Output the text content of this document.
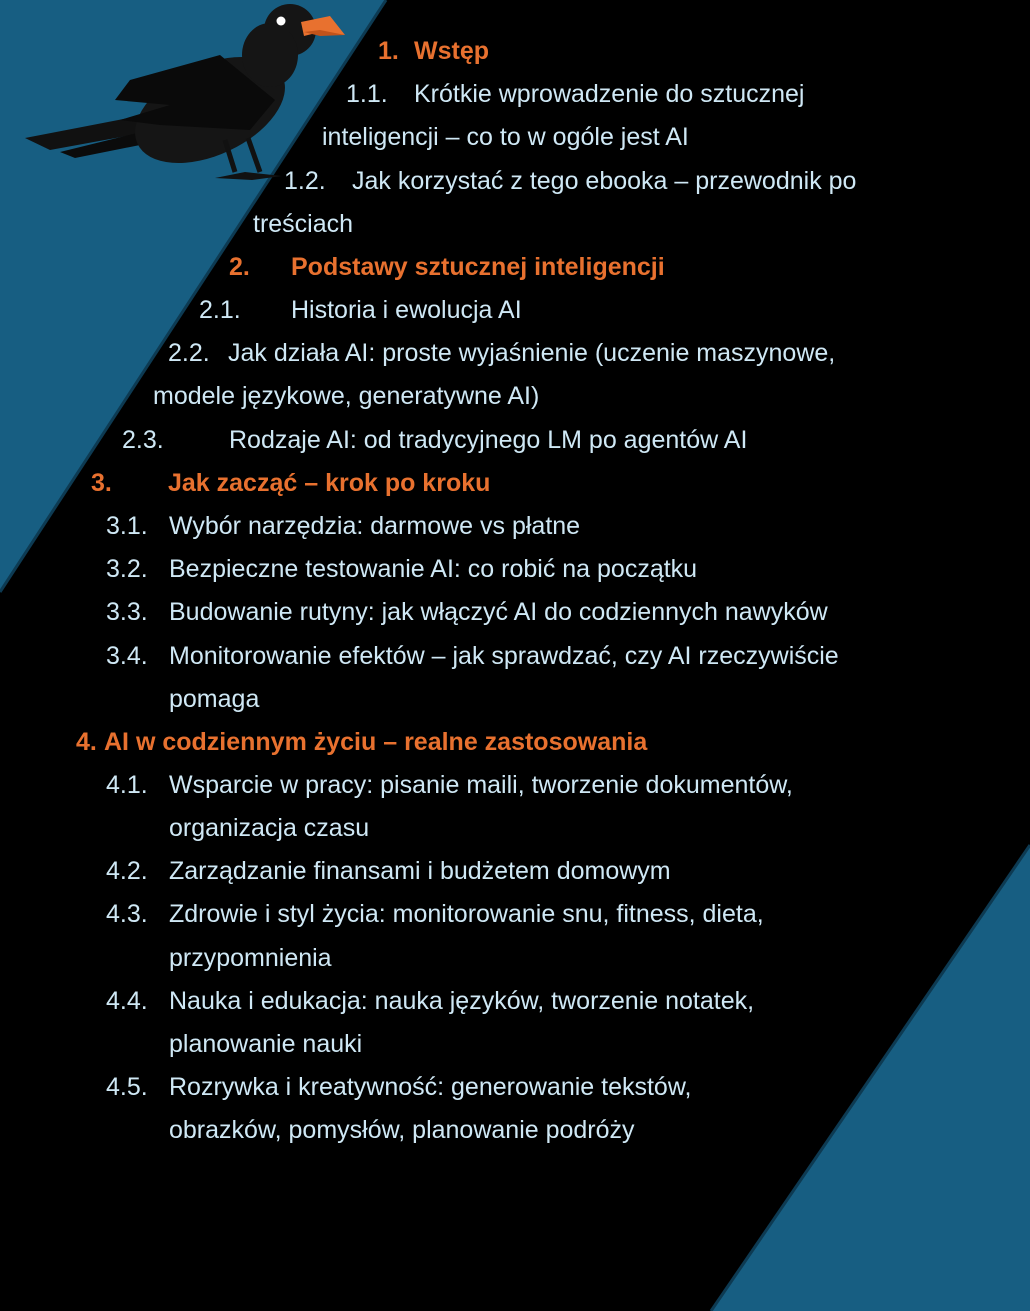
1. Wstęp
1.1. Krótkie wprowadzenie do sztucznej
inteligencji – co to w ogóle jest AI
1.2. Jak korzystać z tego ebooka – przewodnik po
treściach
2. Podstawy sztucznej inteligencji
2.1. Historia i ewolucja AI
2.2. Jak działa AI: proste wyjaśnienie (uczenie maszynowe,
modele językowe, generatywne AI)
2.3.	Rodzaje AI: od tradycyjnego LM po agentów AI
3. Jak zacząć – krok po kroku
3.1. Wybór narzędzia: darmowe vs płatne
3.2. Bezpieczne testowanie AI: co robić na początku
3.3. Budowanie rutyny: jak włączyć AI do codziennych nawyków
3.4. Monitorowanie efektów – jak sprawdzać, czy AI rzeczywiście
pomaga
4. AI w codziennym życiu – realne zastosowania
4.1. Wsparcie w pracy: pisanie maili, tworzenie dokumentów,
organizacja czasu
4.2. Zarządzanie finansami i budżetem domowym
4.3. Zdrowie i styl życia: monitorowanie snu, fitness, dieta,
przypomnienia
4.4. Nauka i edukacja: nauka języków, tworzenie notatek,
planowanie nauki
4.5. Rozrywka i kreatywność: generowanie tekstów,
obrazków, pomysłów, planowanie podróży
